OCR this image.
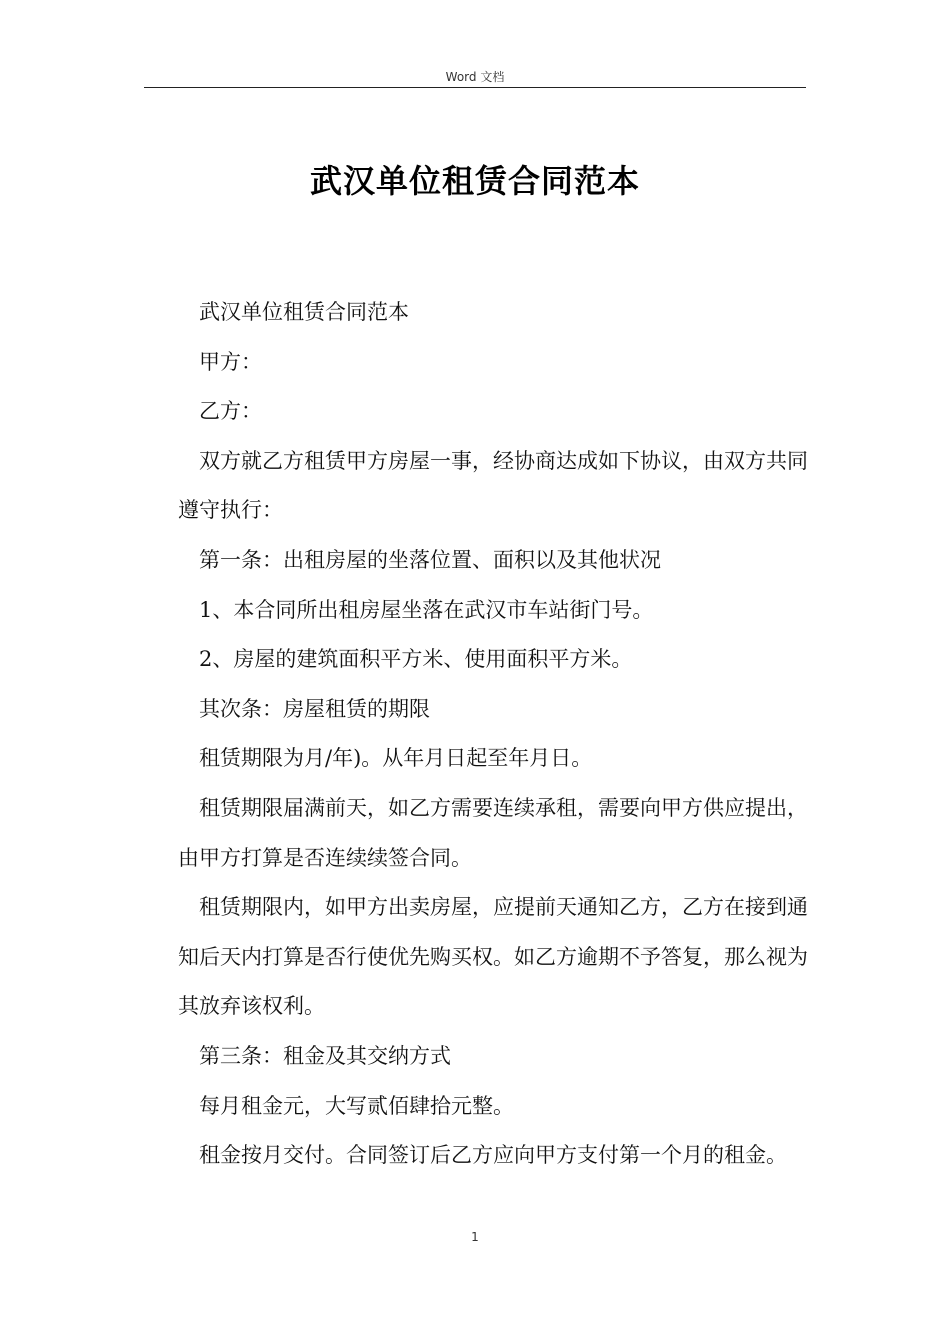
Word 文档
武汉单位租赁合同范本

武汉单位租赁合同范本

甲方：

乙方：

双方就乙方租赁甲方房屋一事，经协商达成如下协议，由双方共同遵守执行：

第一条：出租房屋的坐落位置、面积以及其他状况

1、本合同所出租房屋坐落在武汉市车站街门号。

2、房屋的建筑面积平方米、使用面积平方米。

其次条：房屋租赁的期限

租赁期限为月/年)。从年月日起至年月日。

租赁期限届满前天，如乙方需要连续承租，需要向甲方供应提出，由甲方打算是否连续续签合同。

租赁期限内，如甲方出卖房屋，应提前天通知乙方，乙方在接到通知后天内打算是否行使优先购买权。如乙方逾期不予答复，那么视为其放弃该权利。

第三条：租金及其交纳方式

每月租金元，大写贰佰肆拾元整。

租金按月交付。合同签订后乙方应向甲方支付第一个月的租金。

1
